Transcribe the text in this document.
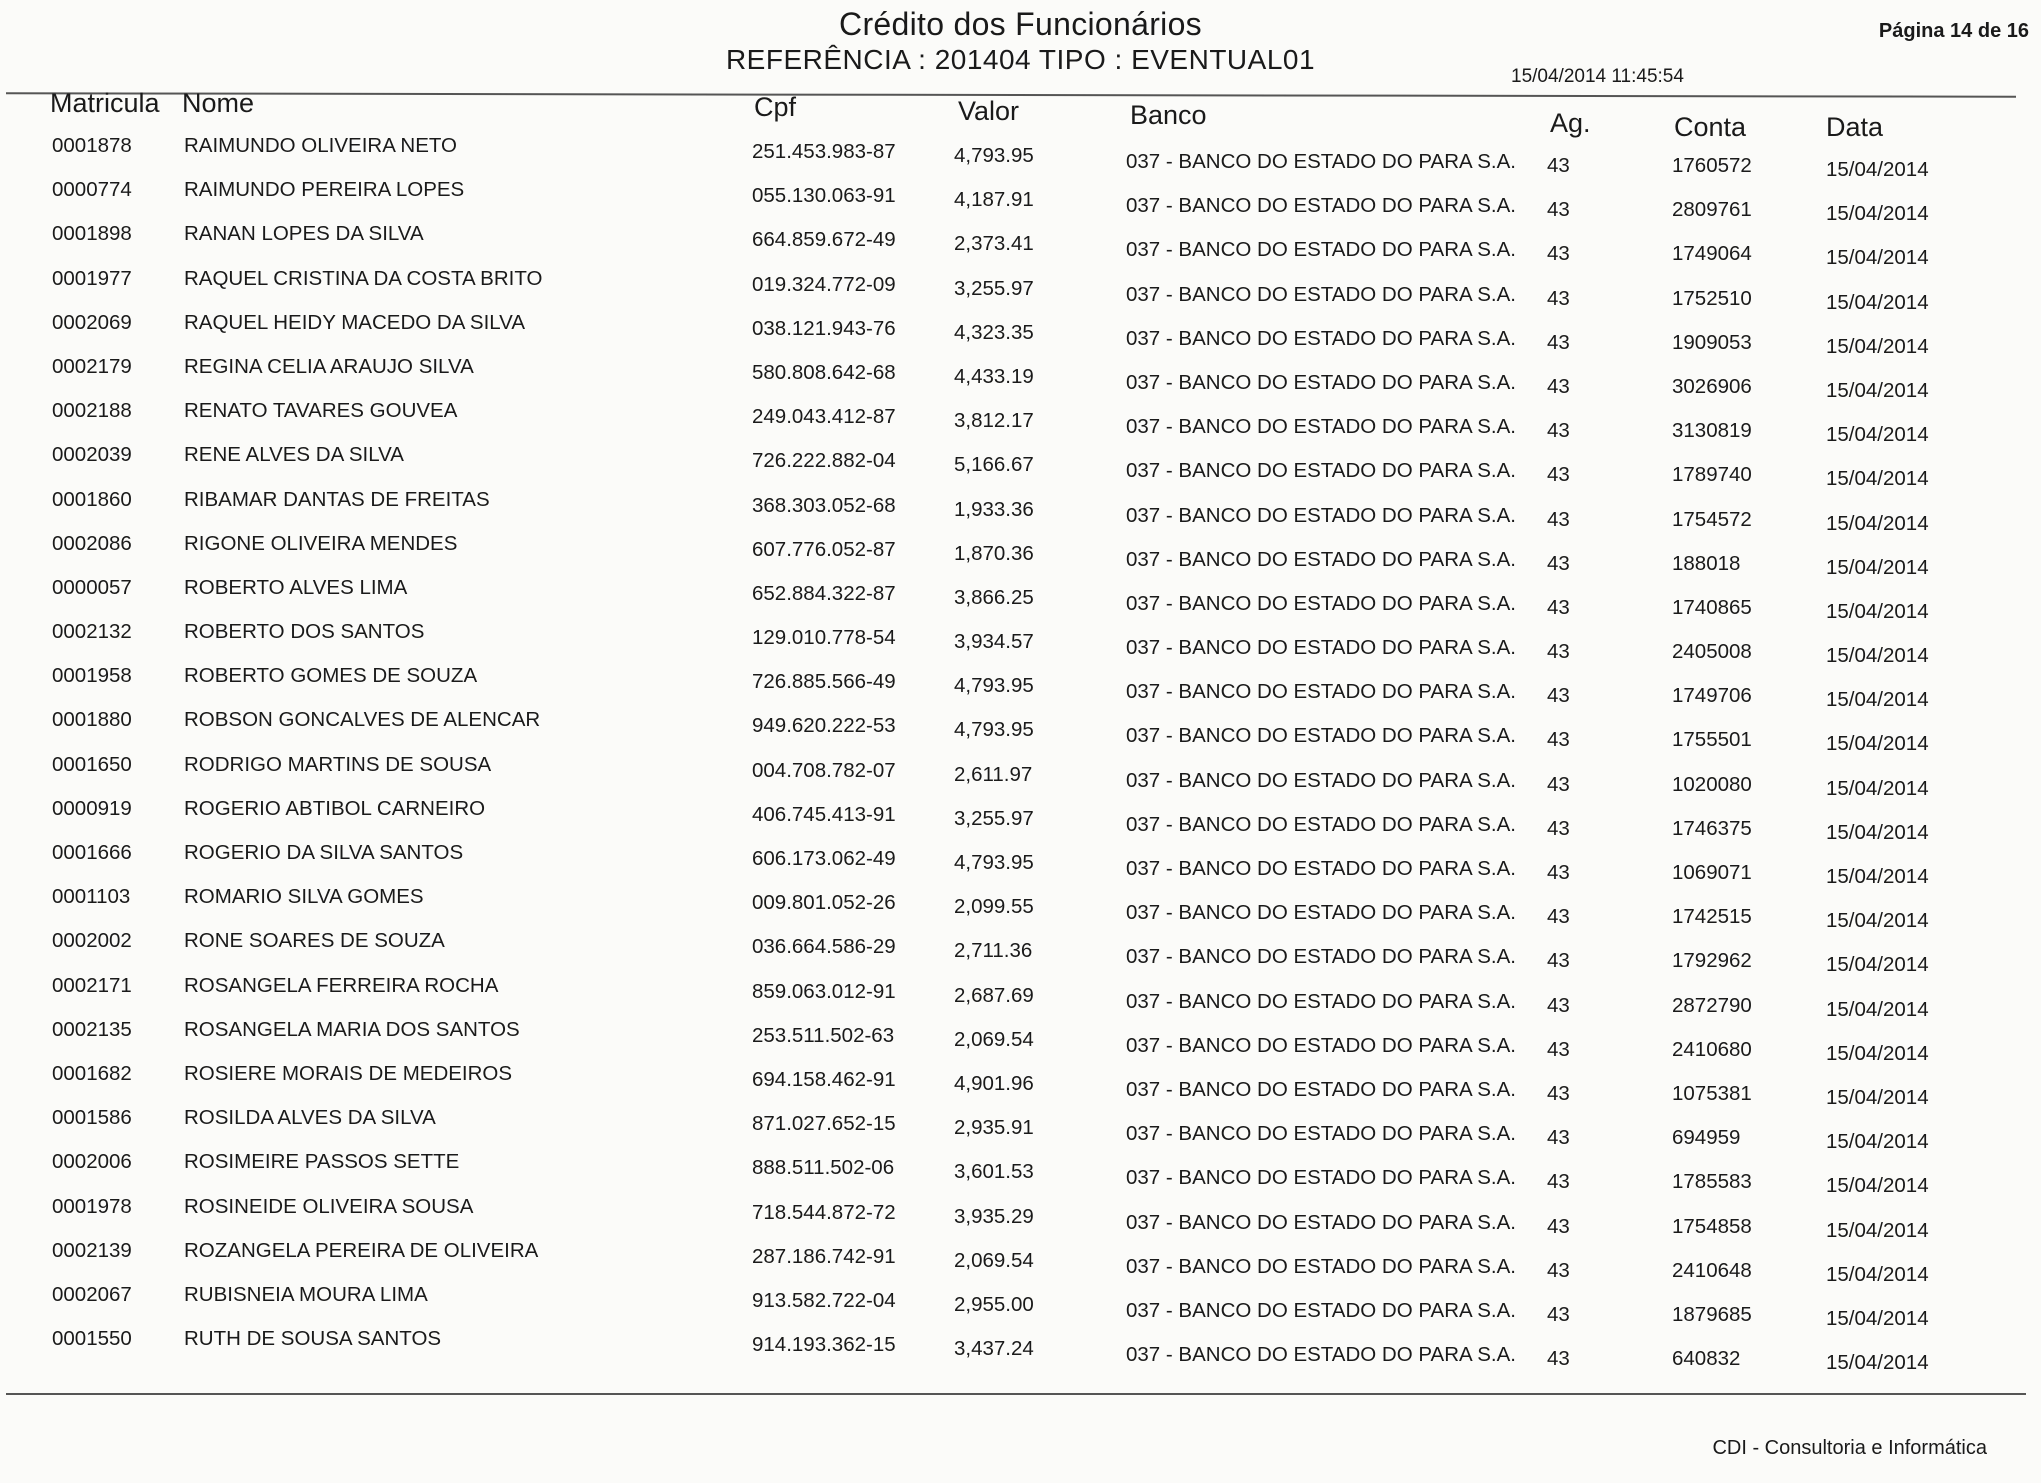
Crédito dos Funcionários
REFERÊNCIA : 201404 TIPO : EVENTUAL01
Página 14 de 16
15/04/2014 11:45:54
Matricula Nome	Cpf	Valor	Banco	Ag.	Conta	Data
0001878	RAIMUNDO OLIVEIRA NETO	251.453.983-87	4,793.95	037 - BANCO DO ESTADO DO PARA S.A. 43	1760572	15/04/2014
0000774	RAIMUNDO PEREIRA LOPES	055.130.063-91	4,187.91	037 - BANCO DO ESTADO DO PARA S.A. 43	2809761	15/04/2014
0001898	RANAN LOPES DA SILVA	664.859.672-49	2,373.41	037 - BANCO DO ESTADO DO PARA S.A. 43	1749064	15/04/2014
0001977	RAQUEL CRISTINA DA COSTA BRITO	019.324.772-09	3,255.97	037 - BANCO DO ESTADO DO PARA S.A. 43	1752510	15/04/2014
0002069	RAQUEL HEIDY MACEDO DA SILVA	038.121.943-76	4,323.35	037 - BANCO DO ESTADO DO PARA S.A. 43	1909053	15/04/2014
0002179	REGINA CELIA ARAUJO SILVA	580.808.642-68	4,433.19	037 - BANCO DO ESTADO DO PARA S.A. 43	3026906	15/04/2014
0002188	RENATO TAVARES GOUVEA	249.043.412-87	3,812.17	037 - BANCO DO ESTADO DO PARA S.A. 43	3130819	15/04/2014
0002039	RENE ALVES DA SILVA	726.222.882-04	5,166.67	037 - BANCO DO ESTADO DO PARA S.A. 43	1789740	15/04/2014
0001860	RIBAMAR DANTAS DE FREITAS	368.303.052-68	1,933.36	037 - BANCO DO ESTADO DO PARA S.A. 43	1754572	15/04/2014
0002086	RIGONE OLIVEIRA MENDES	607.776.052-87	1,870.36	037 - BANCO DO ESTADO DO PARA S.A. 43	188018	15/04/2014
0000057	ROBERTO ALVES LIMA	652.884.322-87	3,866.25	037 - BANCO DO ESTADO DO PARA S.A. 43	1740865	15/04/2014
0002132	ROBERTO DOS SANTOS	129.010.778-54	3,934.57	037 - BANCO DO ESTADO DO PARA S.A. 43	2405008	15/04/2014
0001958	ROBERTO GOMES DE SOUZA	726.885.566-49	4,793.95	037 - BANCO DO ESTADO DO PARA S.A. 43	1749706	15/04/2014
0001880	ROBSON GONCALVES DE ALENCAR	949.620.222-53	4,793.95	037 - BANCO DO ESTADO DO PARA S.A. 43	1755501	15/04/2014
0001650	RODRIGO MARTINS DE SOUSA	004.708.782-07	2,611.97	037 - BANCO DO ESTADO DO PARA S.A. 43	1020080	15/04/2014
0000919	ROGERIO ABTIBOL CARNEIRO	406.745.413-91	3,255.97	037 - BANCO DO ESTADO DO PARA S.A. 43	1746375	15/04/2014
0001666	ROGERIO DA SILVA SANTOS	606.173.062-49	4,793.95	037 - BANCO DO ESTADO DO PARA S.A. 43	1069071	15/04/2014
0001103	ROMARIO SILVA GOMES	009.801.052-26	2,099.55	037 - BANCO DO ESTADO DO PARA S.A. 43	1742515	15/04/2014
0002002	RONE SOARES DE SOUZA	036.664.586-29	2,711.36	037 - BANCO DO ESTADO DO PARA S.A. 43	1792962	15/04/2014
0002171	ROSANGELA FERREIRA ROCHA	859.063.012-91	2,687.69	037 - BANCO DO ESTADO DO PARA S.A. 43	2872790	15/04/2014
0002135	ROSANGELA MARIA DOS SANTOS	253.511.502-63	2,069.54	037 - BANCO DO ESTADO DO PARA S.A. 43	2410680	15/04/2014
0001682	ROSIERE MORAIS DE MEDEIROS	694.158.462-91	4,901.96	037 - BANCO DO ESTADO DO PARA S.A. 43	1075381	15/04/2014
0001586	ROSILDA ALVES DA SILVA	871.027.652-15	2,935.91	037 - BANCO DO ESTADO DO PARA S.A. 43	694959	15/04/2014
0002006	ROSIMEIRE PASSOS SETTE	888.511.502-06	3,601.53	037 - BANCO DO ESTADO DO PARA S.A. 43	1785583	15/04/2014
0001978	ROSINEIDE OLIVEIRA SOUSA	718.544.872-72	3,935.29	037 - BANCO DO ESTADO DO PARA S.A. 43	1754858	15/04/2014
0002139	ROZANGELA PEREIRA DE OLIVEIRA	287.186.742-91	2,069.54	037 - BANCO DO ESTADO DO PARA S.A. 43	2410648	15/04/2014
0002067	RUBISNEIA MOURA LIMA	913.582.722-04	2,955.00	037 - BANCO DO ESTADO DO PARA S.A. 43	1879685	15/04/2014
0001550	RUTH DE SOUSA SANTOS	914.193.362-15	3,437.24	037 - BANCO DO ESTADO DO PARA S.A. 43	640832	15/04/2014
CDI - Consultoria e Informática
